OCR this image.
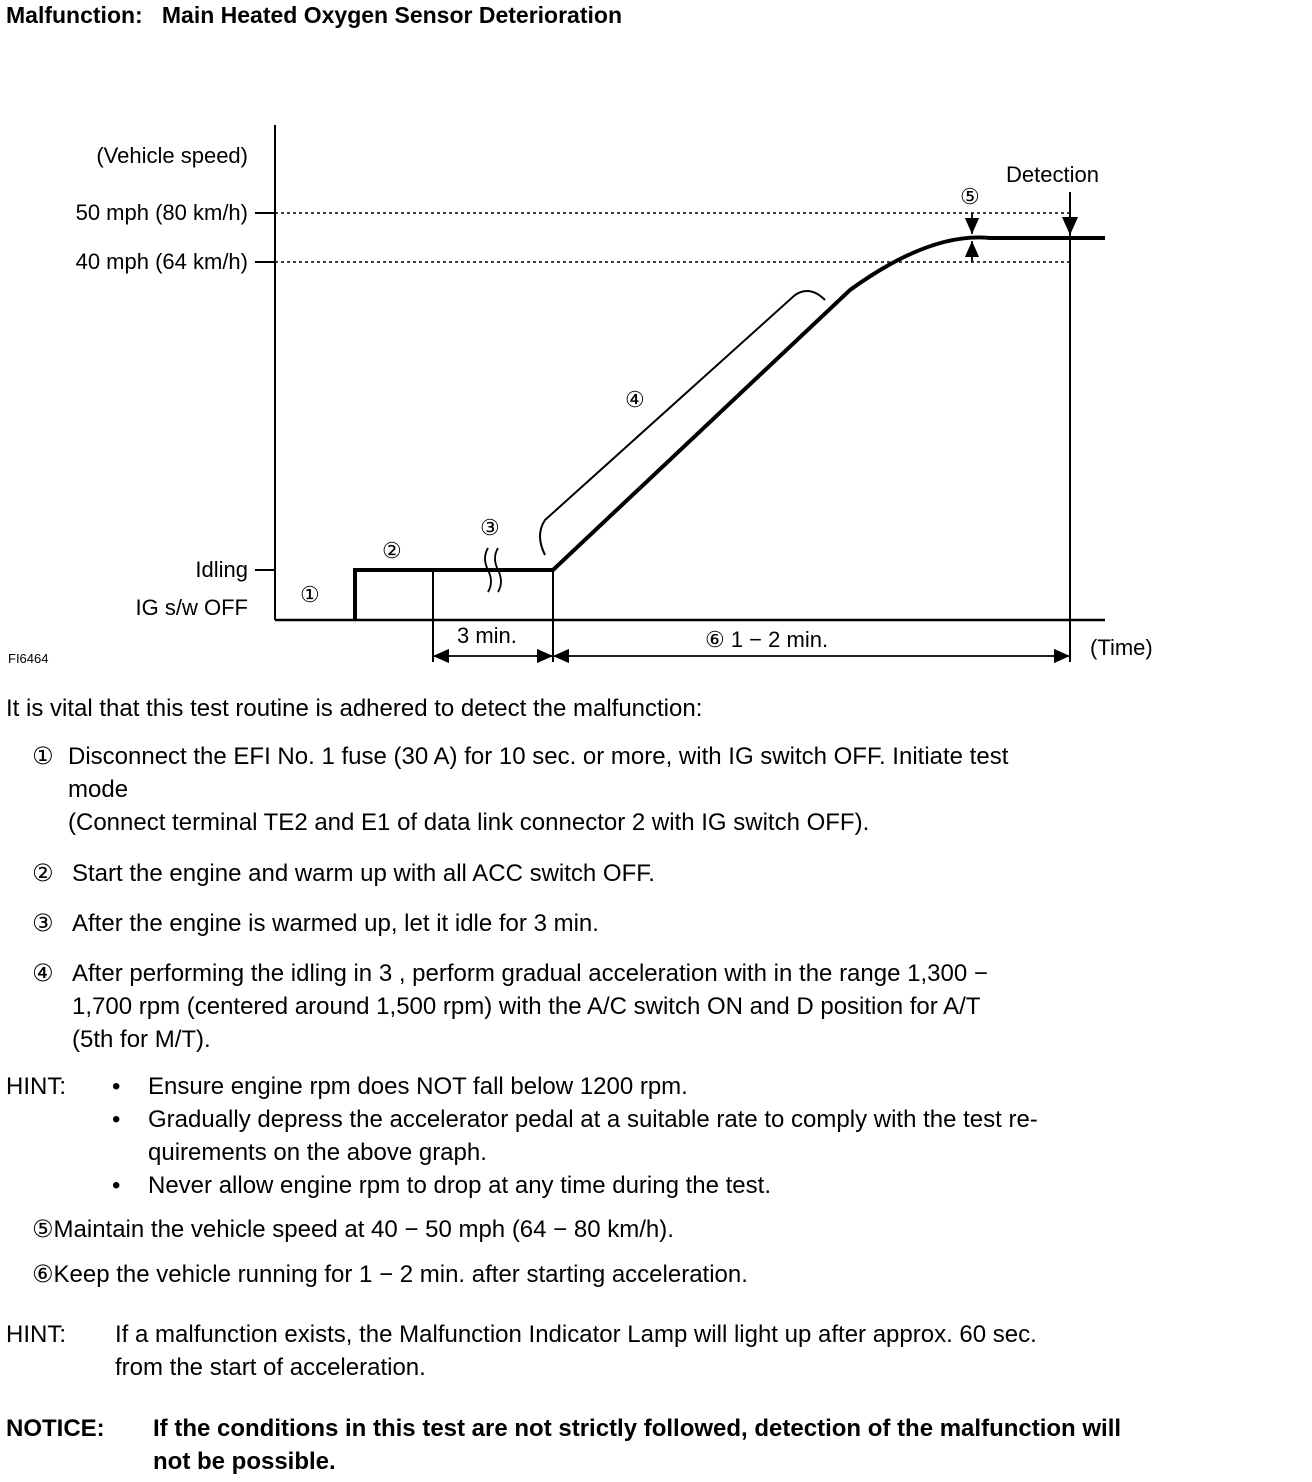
Malfunction: Main Heated Oxygen Sensor Deterioration
(Vehicle speed)
50 mph (80 km/h)
40 mph (64 km/h)
Idling
IG s/w OFF
FI6464
Detection
(Time)
3 min.	⑥ 1 − 2 min.
①
②
③
④
⑤
It is vital that this test routine is adhered to detect the malfunction:
① Disconnect the EFI No. 1 fuse (30 A) for 10 sec. or more, with IG switch OFF. Initiate test
mode
(Connect terminal TE2 and E1 of data link connector 2 with IG switch OFF).
② Start the engine and warm up with all ACC switch OFF.
③ After the engine is warmed up, let it idle for 3 min.
④ After performing the idling in 3 , perform gradual acceleration with in the range 1,300 −
1,700 rpm (centered around 1,500 rpm) with the A/C switch ON and D position for A/T
(5th for M/T).
HINT: • Ensure engine rpm does NOT fall below 1200 rpm.
• Gradually depress the accelerator pedal at a suitable rate to comply with the test re-
quirements on the above graph.
• Never allow engine rpm to drop at any time during the test.
⑤Maintain the vehicle speed at 40 − 50 mph (64 − 80 km/h).
⑥Keep the vehicle running for 1 − 2 min. after starting acceleration.
HINT: If a malfunction exists, the Malfunction Indicator Lamp will light up after approx. 60 sec.
from the start of acceleration.
NOTICE: If the conditions in this test are not strictly followed, detection of the malfunction will
not be possible.
